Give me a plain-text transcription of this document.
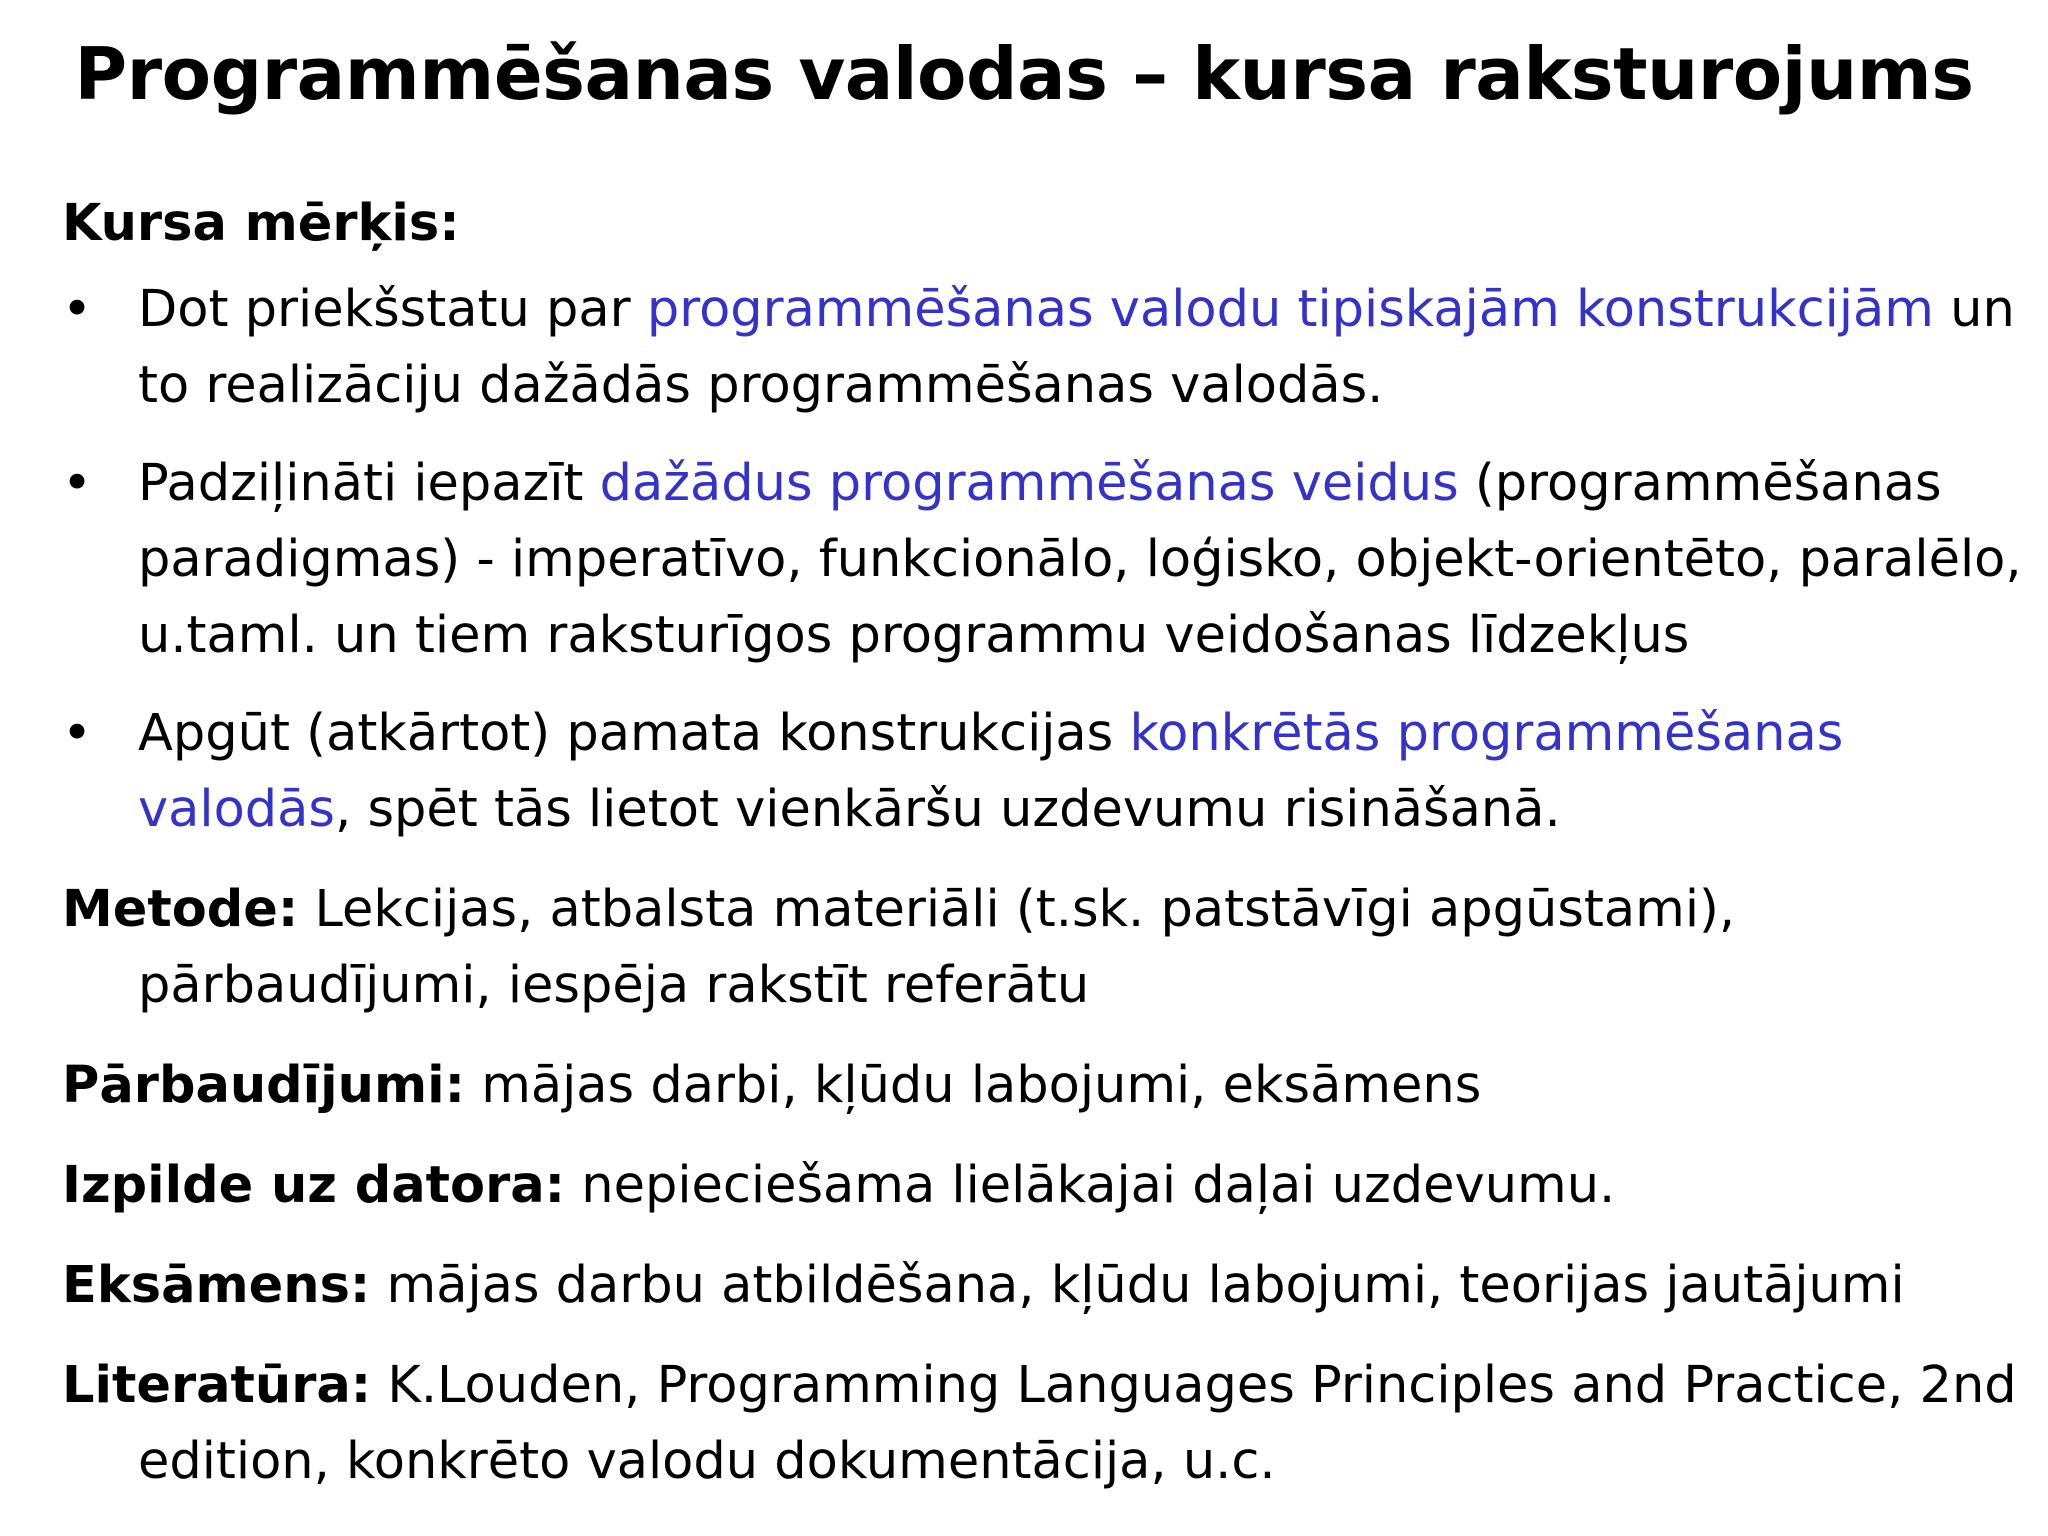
Programmēšanas valodas – kursa raksturojums

Kursa mērķis:

• Dot priekšstatu par programmēšanas valodu tipiskajām konstrukcijām un to realizāciju dažādās programmēšanas valodās.
• Padziļināti iepazīt dažādus programmēšanas veidus (programmēšanas paradigmas) - imperatīvo, funkcionālo, loģisko, objekt-orientēto, paralēlo, u.taml. un tiem raksturīgos programmu veidošanas līdzekļus
• Apgūt (atkārtot) pamata konstrukcijas konkrētās programmēšanas valodās, spēt tās lietot vienkāršu uzdevumu risināšanā.

Metode: Lekcijas, atbalsta materiāli (t.sk. patstāvīgi apgūstami), pārbaudījumi, iespēja rakstīt referātu

Pārbaudījumi: mājas darbi, kļūdu labojumi, eksāmens

Izpilde uz datora: nepieciešama lielākajai daļai uzdevumu.

Eksāmens: mājas darbu atbildēšana, kļūdu labojumi, teorijas jautājumi

Literatūra: K.Louden, Programming Languages Principles and Practice, 2nd edition, konkrēto valodu dokumentācija, u.c.
